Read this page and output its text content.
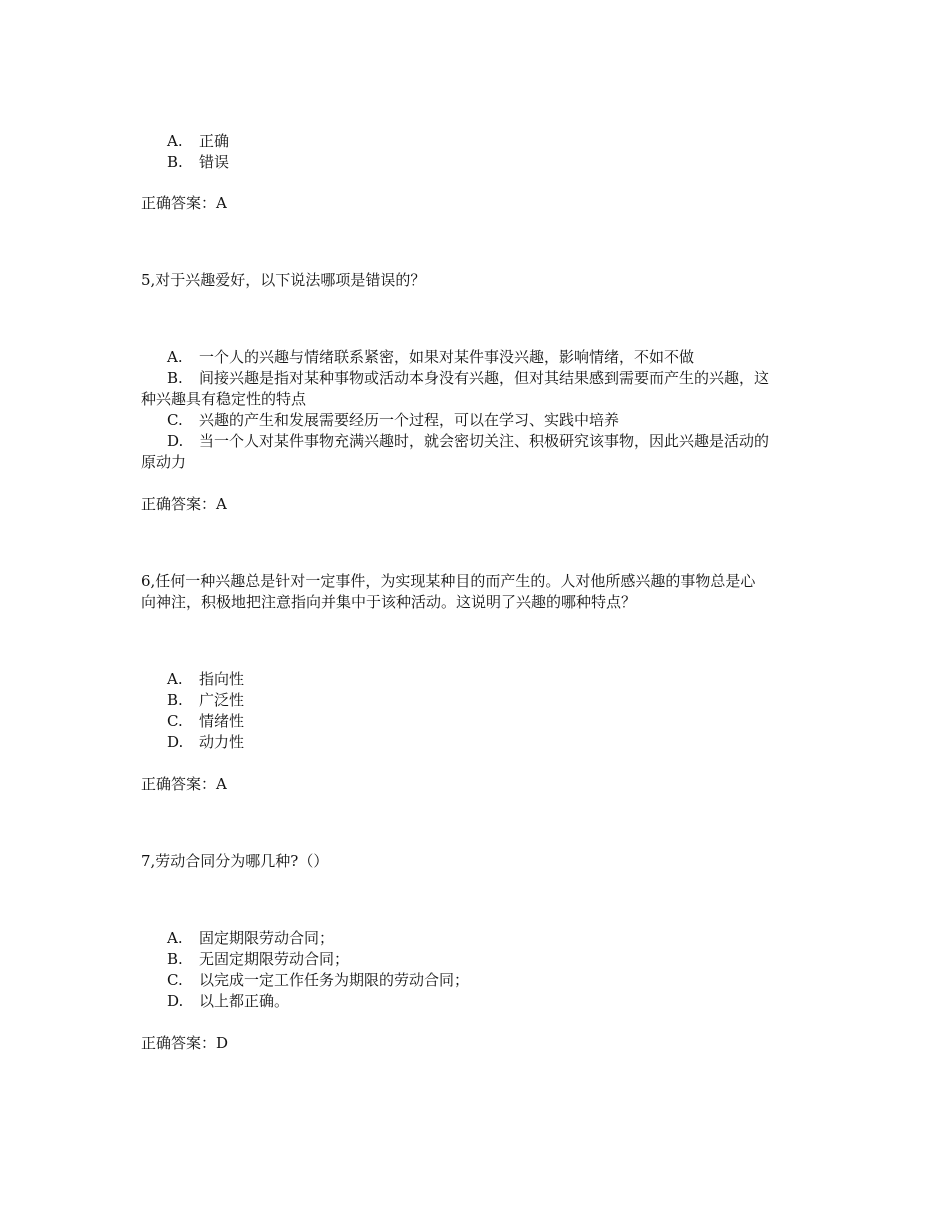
A. 正确
B. 错误
正确答案：A
5,对于兴趣爱好，以下说法哪项是错误的？
A. 一个人的兴趣与情绪联系紧密，如果对某件事没兴趣，影响情绪，不如不做
B. 间接兴趣是指对某种事物或活动本身没有兴趣，但对其结果感到需要而产生的兴趣，这
种兴趣具有稳定性的特点
C. 兴趣的产生和发展需要经历一个过程，可以在学习、实践中培养
D. 当一个人对某件事物充满兴趣时，就会密切关注、积极研究该事物，因此兴趣是活动的
原动力
正确答案：A
6,任何一种兴趣总是针对一定事件，为实现某种目的而产生的。人对他所感兴趣的事物总是心
向神注，积极地把注意指向并集中于该种活动。这说明了兴趣的哪种特点？
A. 指向性
B. 广泛性
C. 情绪性
D. 动力性
正确答案：A
7,劳动合同分为哪几种?（）
A. 固定期限劳动合同；
B. 无固定期限劳动合同；
C. 以完成一定工作任务为期限的劳动合同；
D. 以上都正确。
正确答案：D
